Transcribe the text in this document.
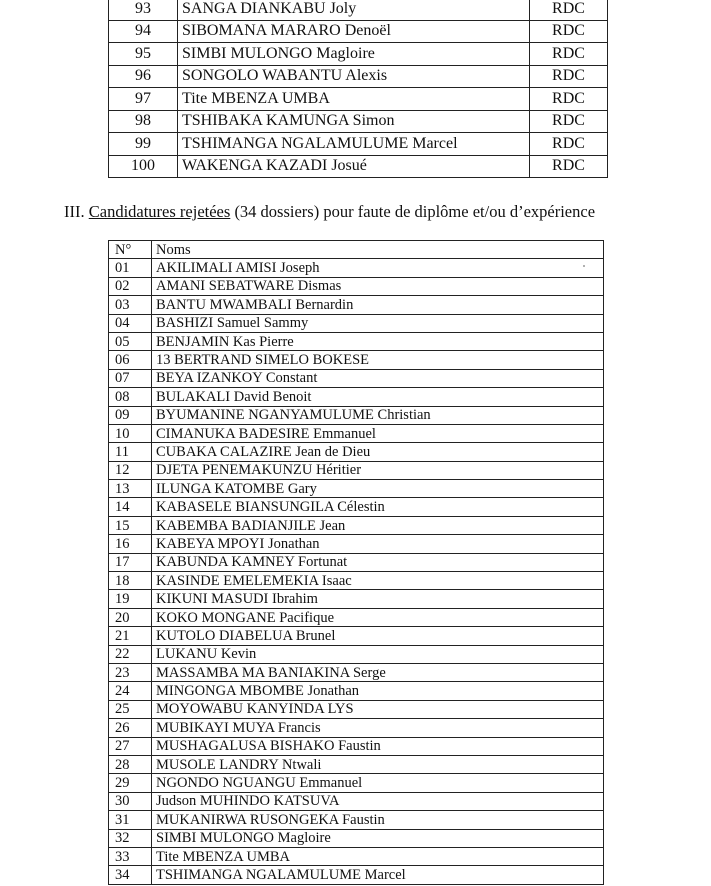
93	SANGA DIANKABU Joly	RDC
94	SIBOMANA MARARO Denoël	RDC
95	SIMBI MULONGO Magloire	RDC
96	SONGOLO WABANTU Alexis	RDC
97	Tite MBENZA UMBA	RDC
98	TSHIBAKA KAMUNGA Simon	RDC
99	TSHIMANGA NGALAMULUME Marcel	RDC
100	WAKENGA KAZADI Josué	RDC
III. Candidatures rejetées (34 dossiers) pour faute de diplôme et/ou d’expérience
N°	Noms
01	AKILIMALI AMISI Joseph
02	AMANI SEBATWARE Dismas
03	BANTU MWAMBALI Bernardin
04	BASHIZI Samuel Sammy
05	BENJAMIN Kas Pierre
06	13 BERTRAND SIMELO BOKESE
07	BEYA IZANKOY Constant
08	BULAKALI David Benoit
09	BYUMANINE NGANYAMULUME Christian
10	CIMANUKA BADESIRE Emmanuel
11	CUBAKA CALAZIRE Jean de Dieu
12	DJETA PENEMAKUNZU Héritier
13	ILUNGA KATOMBE Gary
14	KABASELE BIANSUNGILA Célestin
15	KABEMBA BADIANJILE Jean
16	KABEYA MPOYI Jonathan
17	KABUNDA KAMNEY Fortunat
18	KASINDE EMELEMEKIA Isaac
19	KIKUNI MASUDI Ibrahim
20	KOKO MONGANE Pacifique
21	KUTOLO DIABELUA Brunel
22	LUKANU Kevin
23	MASSAMBA MA BANIAKINA Serge
24	MINGONGA MBOMBE Jonathan
25	MOYOWABU KANYINDA LYS
26	MUBIKAYI MUYA Francis
27	MUSHAGALUSA BISHAKO Faustin
28	MUSOLE LANDRY Ntwali
29	NGONDO NGUANGU Emmanuel
30	Judson MUHINDO KATSUVA
31	MUKANIRWA RUSONGEKA Faustin
32	SIMBI MULONGO Magloire
33	Tite MBENZA UMBA
34	TSHIMANGA NGALAMULUME Marcel
